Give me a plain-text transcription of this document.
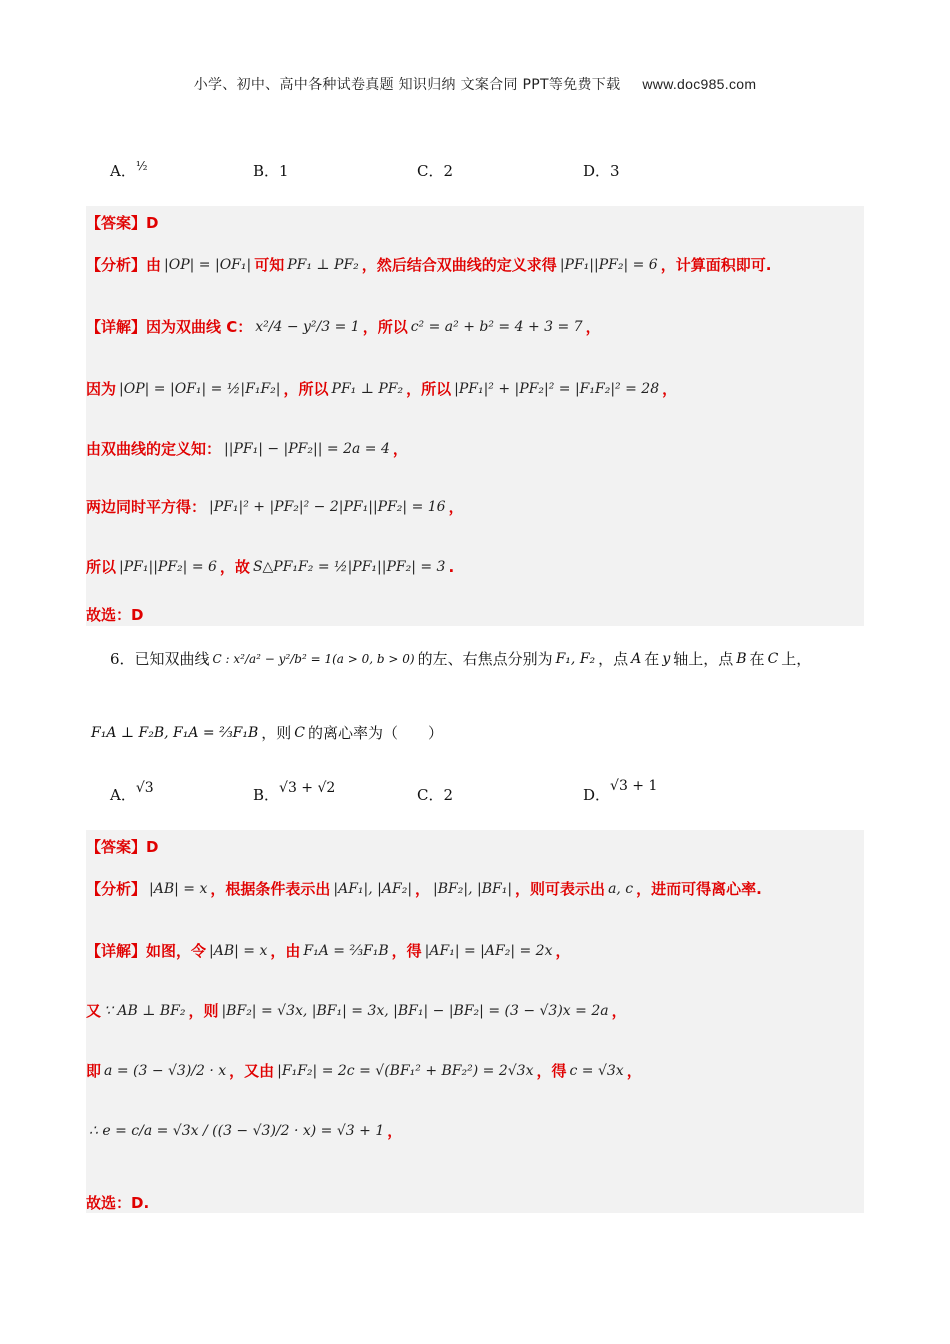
小学、初中、高中各种试卷真题 知识归纳 文案合同 PPT等免费下载 www.doc985.com
A．½	B．1	C．2	D．3
【答案】D
【分析】由 |OP| = |OF₁| 可知 PF₁ ⊥ PF₂ ，然后结合双曲线的定义求得 |PF₁||PF₂| = 6 ，计算面积即可.
【详解】因为双曲线 C： x²/4 − y²/3 = 1 ，所以 c² = a² + b² = 4 + 3 = 7 ，
因为 |OP| = |OF₁| = ½|F₁F₂| ，所以 PF₁ ⊥ PF₂ ，所以 |PF₁|² + |PF₂|² = |F₁F₂|² = 28 ，
由双曲线的定义知： ||PF₁| − |PF₂|| = 2a = 4 ，
两边同时平方得： |PF₁|² + |PF₂|² − 2|PF₁||PF₂| = 16 ，
所以 |PF₁||PF₂| = 6 ，故 S△PF₁F₂ = ½|PF₁||PF₂| = 3 .
故选：D
6．已知双曲线 C : x²/a² − y²/b² = 1(a > 0, b > 0) 的左、右焦点分别为 F₁, F₂ ，点 A 在 y 轴上，点 B 在 C 上，
F₁A ⊥ F₂B, F₁A = ⅔F₁B ，则 C 的离心率为（　　）
A．√3	B．√3 + √2	C．2	D．√3 + 1
【答案】D
【分析】 |AB| = x ，根据条件表示出 |AF₁|, |AF₂| ， |BF₂|, |BF₁| ，则可表示出 a, c ，进而可得离心率.
【详解】如图，令 |AB| = x ，由 F₁A = ⅔F₁B ，得 |AF₁| = |AF₂| = 2x ，
又 ∵ AB ⊥ BF₂ ，则 |BF₂| = √3x, |BF₁| = 3x, |BF₁| − |BF₂| = (3 − √3)x = 2a ，
即 a = (3 − √3)/2 · x ，又由 |F₁F₂| = 2c = √(BF₁² + BF₂²) = 2√3x ，得 c = √3x ，
∴ e = c/a = √3x / ((3 − √3)/2 · x) = √3 + 1 ，
故选：D.
